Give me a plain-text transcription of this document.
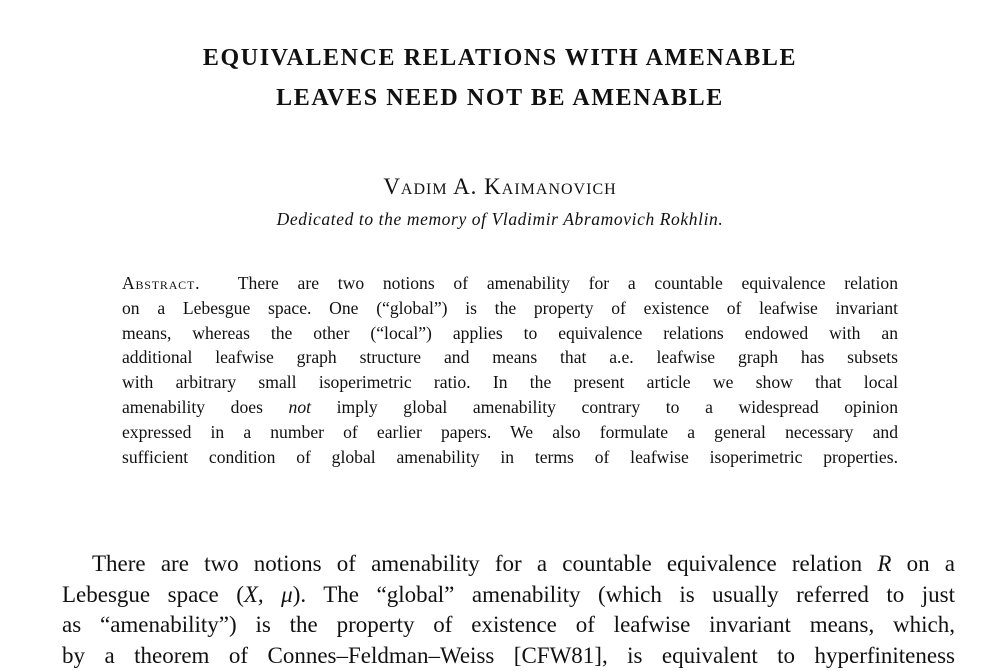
EQUIVALENCE RELATIONS WITH AMENABLE
LEAVES NEED NOT BE AMENABLE
Vadim A. Kaimanovich
Dedicated to the memory of Vladimir Abramovich Rokhlin.
Abstract. There are two notions of amenability for a countable equivalence relation
on a Lebesgue space. One (“global”) is the property of existence of leafwise invariant
means, whereas the other (“local”) applies to equivalence relations endowed with an
additional leafwise graph structure and means that a.e. leafwise graph has subsets
with arbitrary small isoperimetric ratio. In the present article we show that local
amenability does not imply global amenability contrary to a widespread opinion
expressed in a number of earlier papers. We also formulate a general necessary and
sufficient condition of global amenability in terms of leafwise isoperimetric properties.
There are two notions of amenability for a countable equivalence relation R on a
Lebesgue space (X, μ). The “global” amenability (which is usually referred to just
as “amenability”) is the property of existence of leafwise invariant means, which,
by a theorem of Connes–Feldman–Weiss [CFW81], is equivalent to hyperfiniteness
